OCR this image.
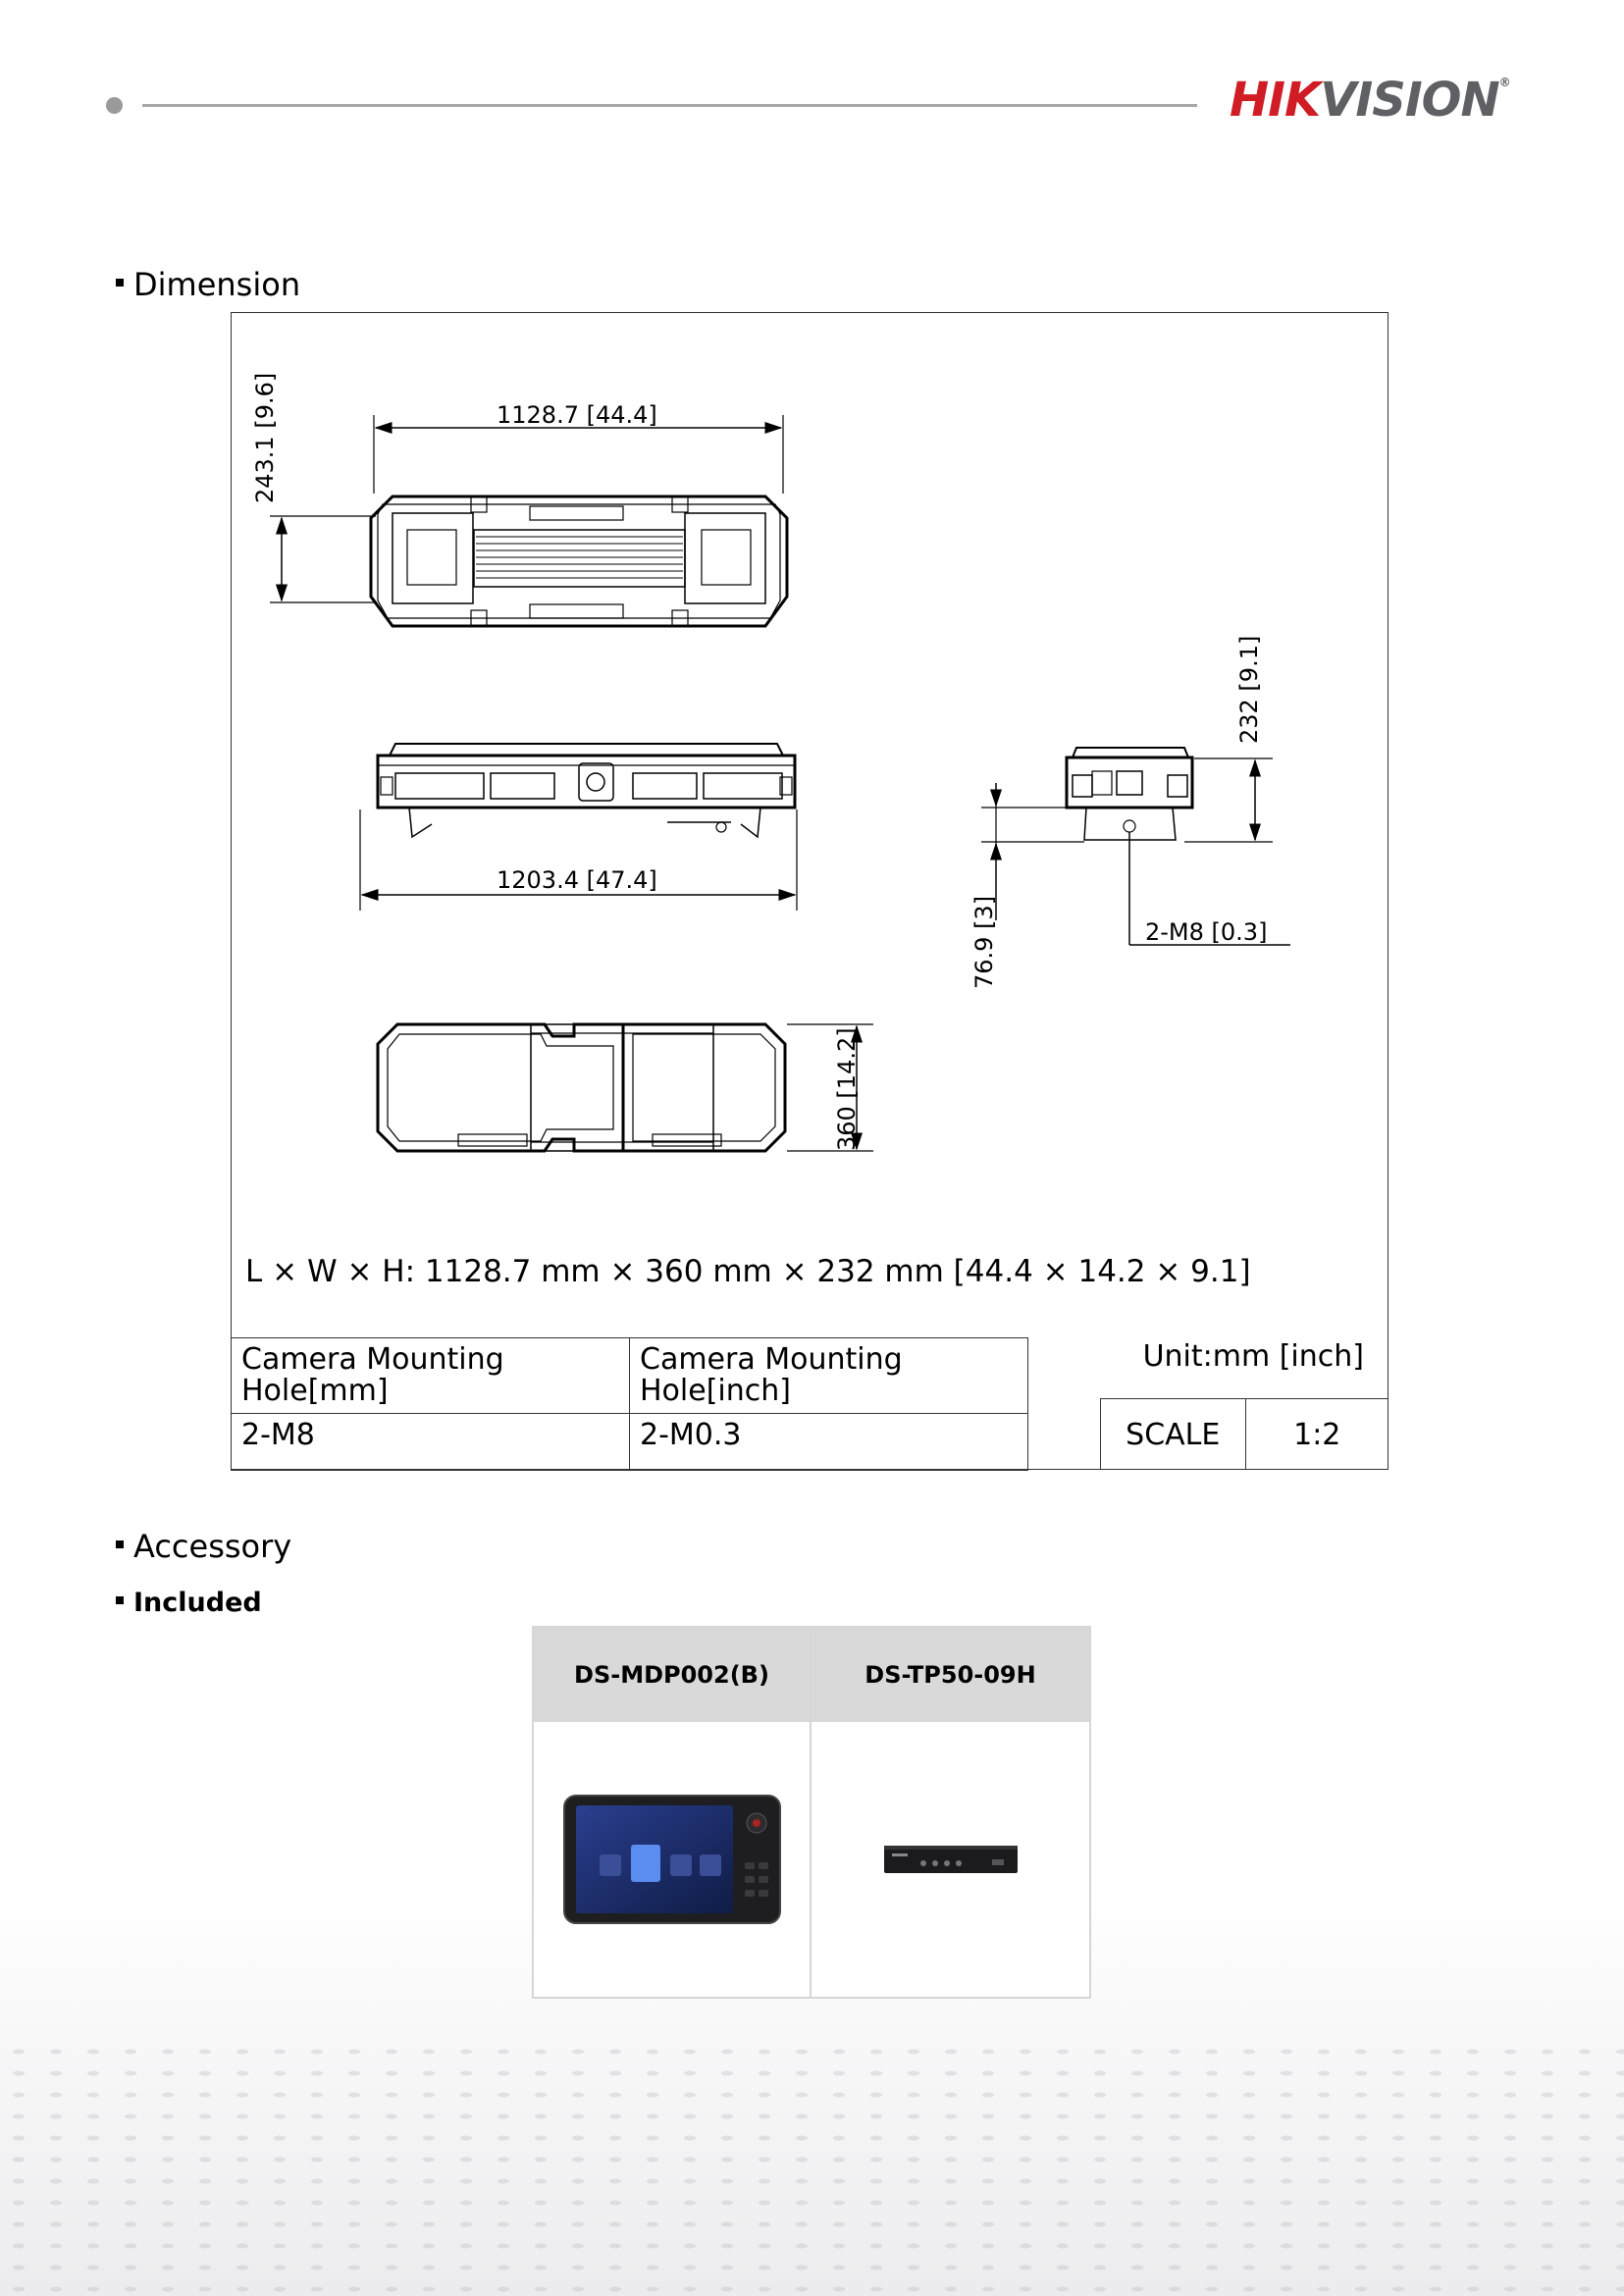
HIKVISION®
Dimension
1128.7 [44.4]
243.1 [9.6]
1203.4 [47.4]
232 [9.1]
76.9 [3]	2-M8 [0.3]
360 [14.2]
L × W × H: 1128.7 mm × 360 mm × 232 mm [44.4 × 14.2 × 9.1]
Camera Mounting Hole[mm]	Camera Mounting Hole[inch]
2-M8	2-M0.3
Unit:mm [inch]
SCALE	1:2
Accessory
Included
DS-MDP002(B)	DS-TP50-09H
